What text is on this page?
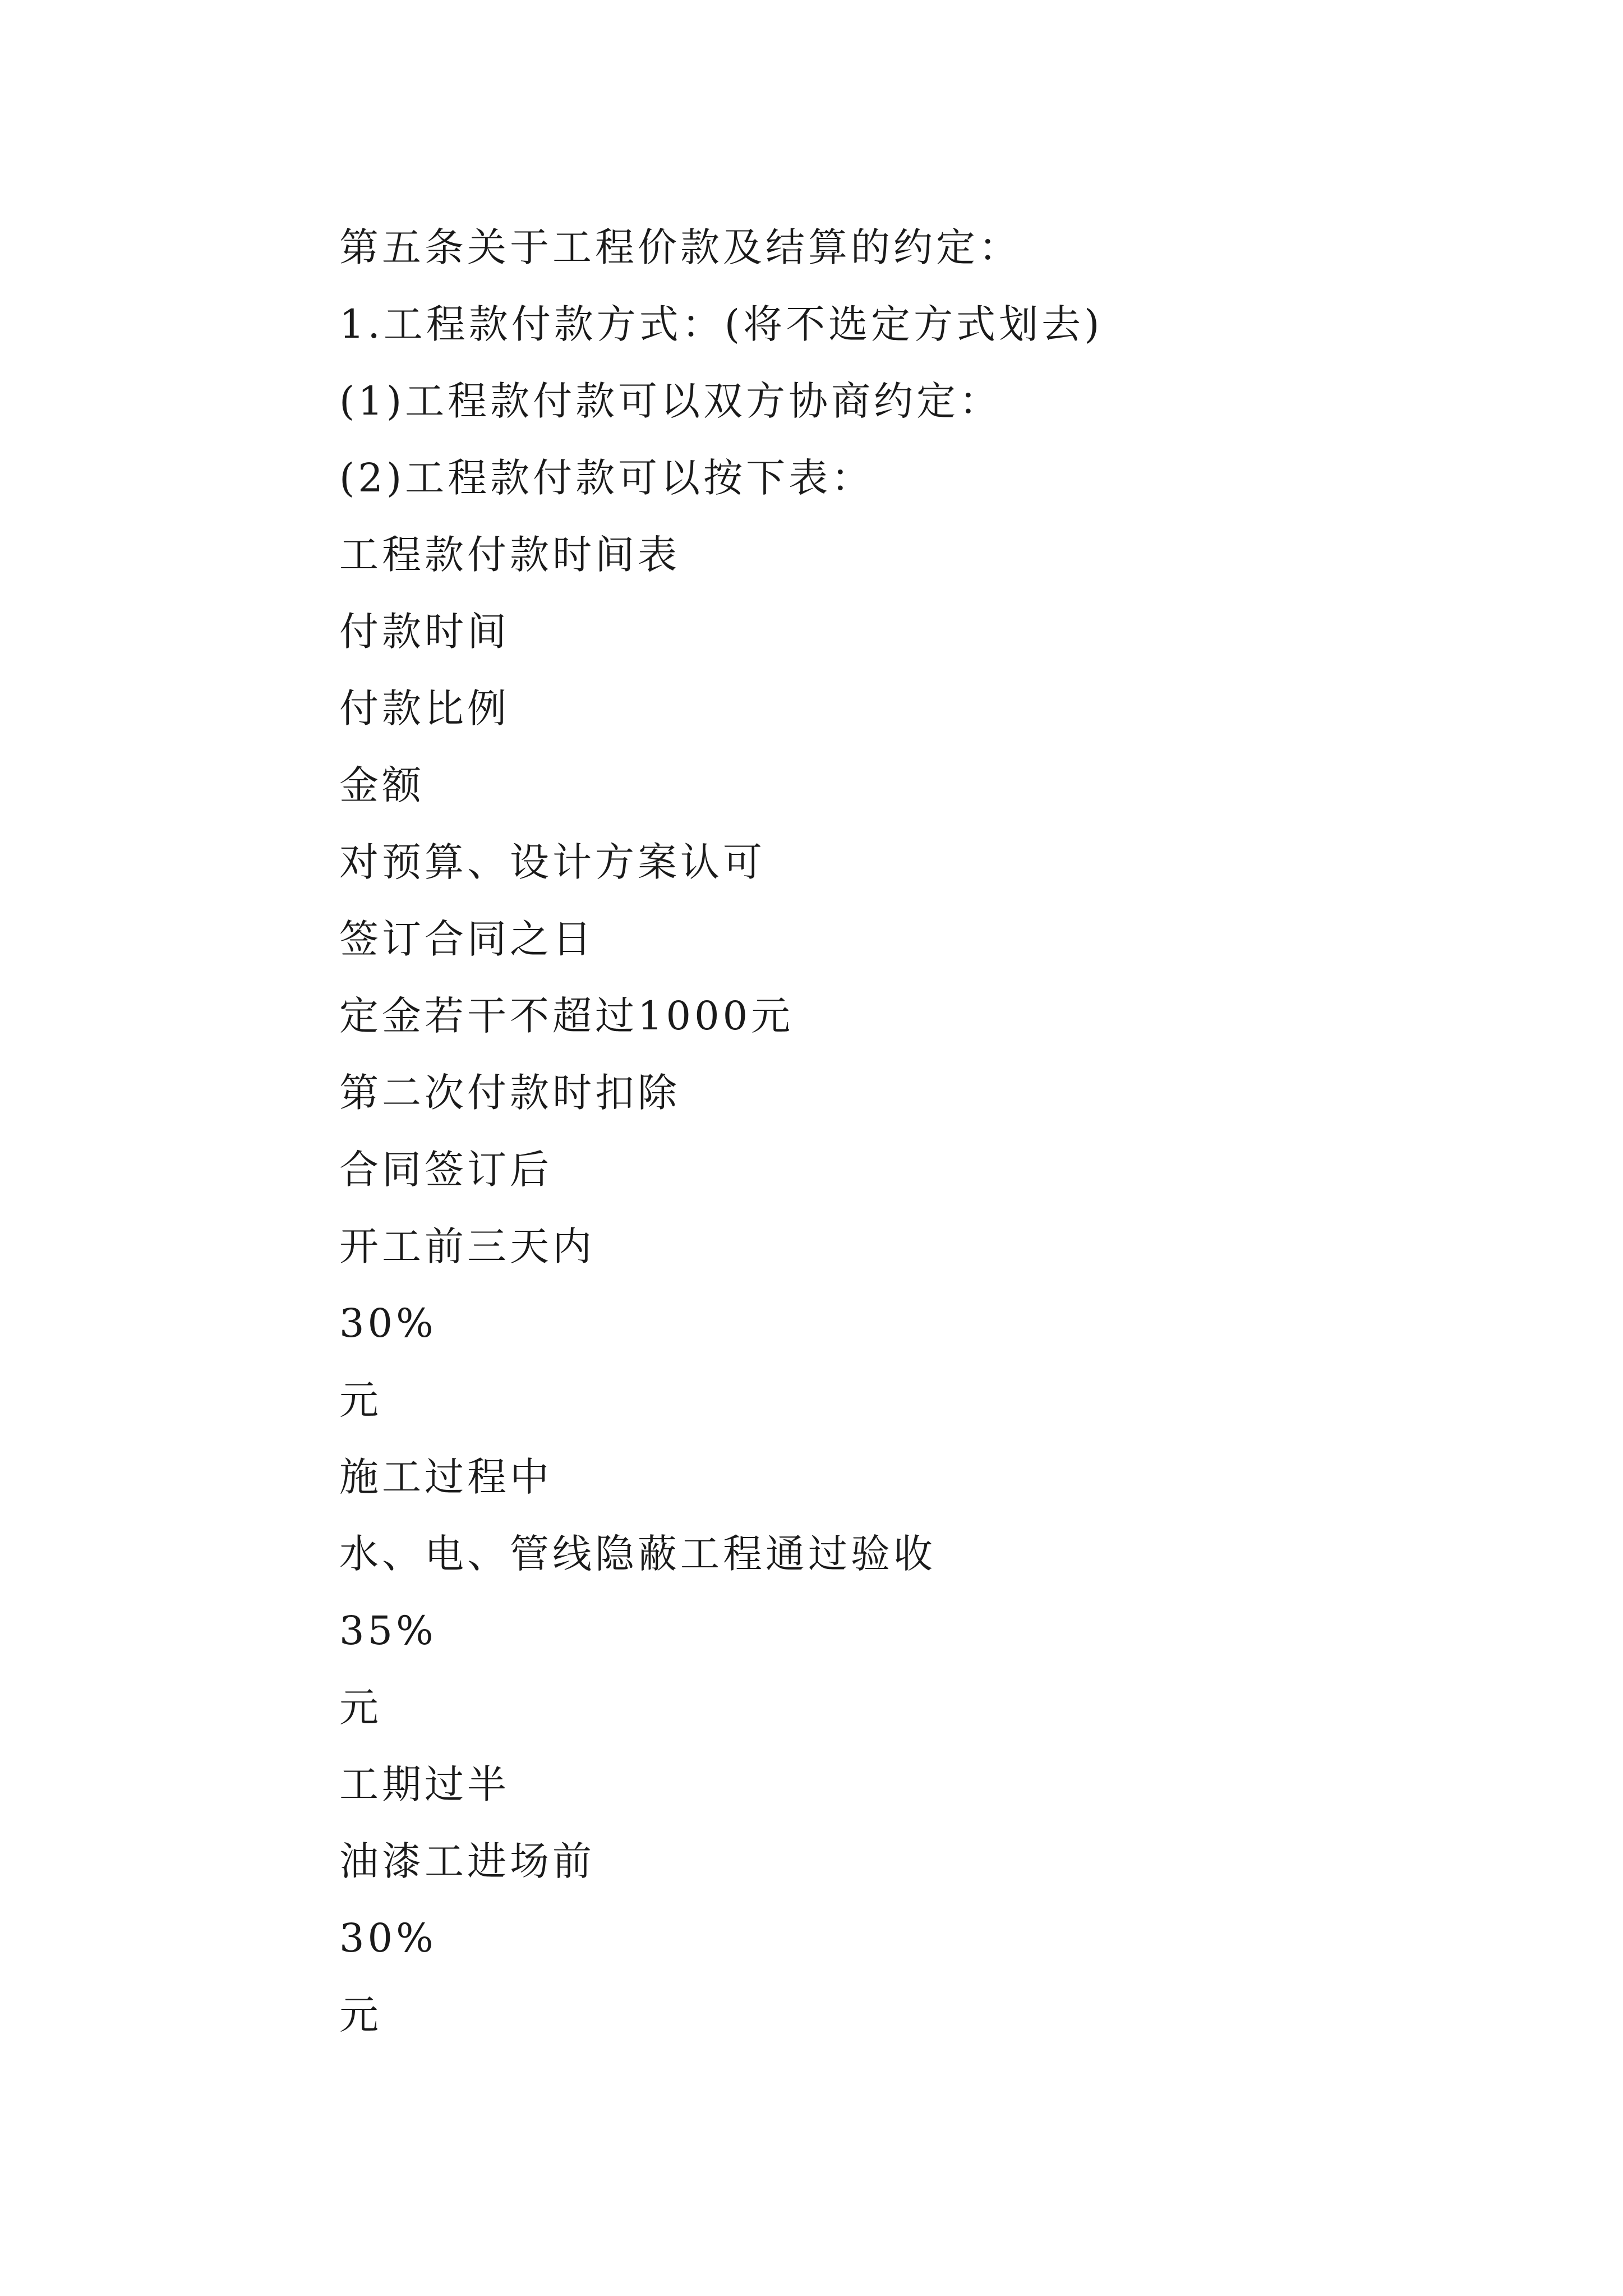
第五条关于工程价款及结算的约定：
1.工程款付款方式：(将不选定方式划去)
(1)工程款付款可以双方协商约定：
(2)工程款付款可以按下表：
工程款付款时间表
付款时间
付款比例
金额
对预算、设计方案认可
签订合同之日
定金若干不超过1000元
第二次付款时扣除
合同签订后
开工前三天内
30%
元
施工过程中
水、电、管线隐蔽工程通过验收
35%
元
工期过半
油漆工进场前
30%
元
